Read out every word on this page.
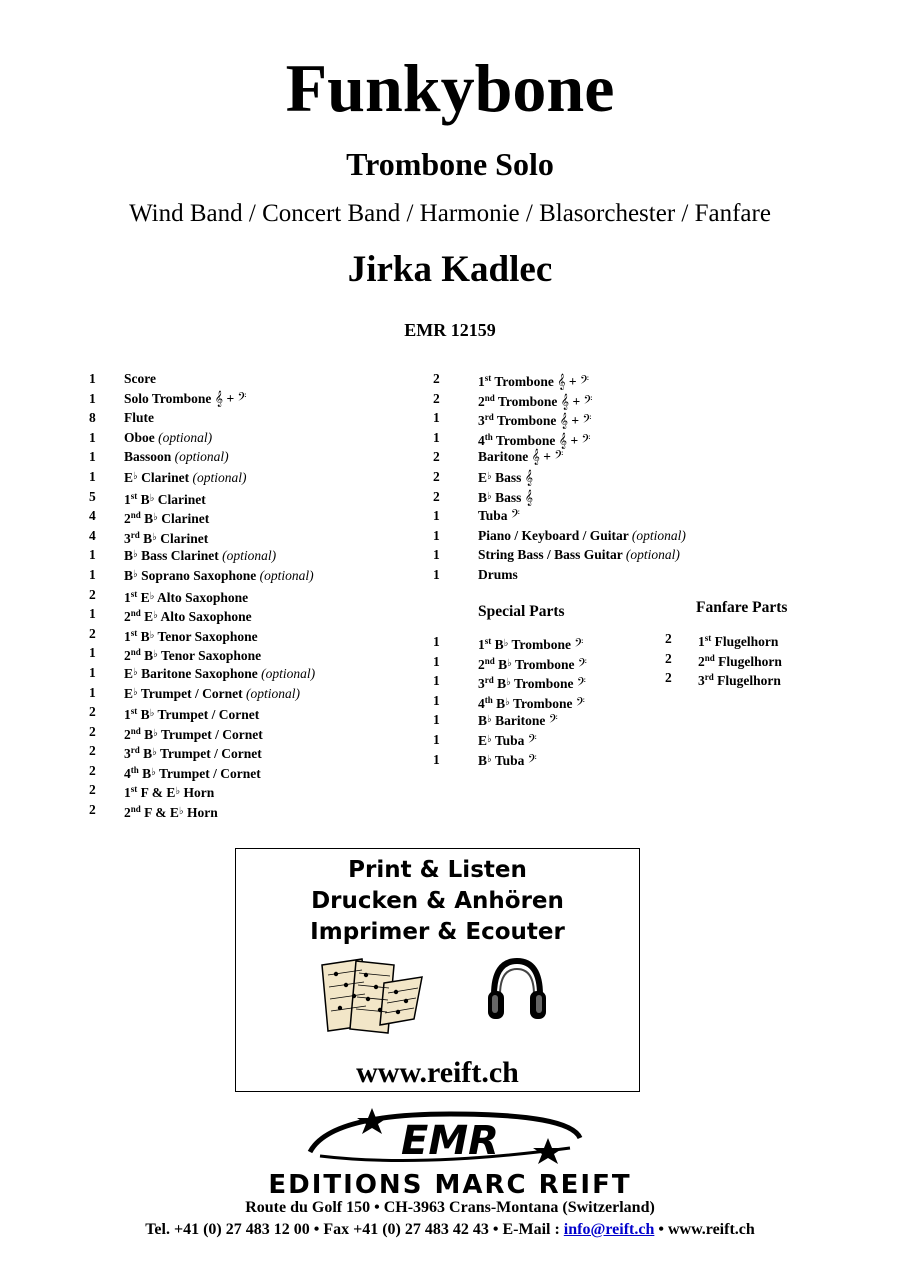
Funkybone
Trombone Solo
Wind Band / Concert Band / Harmonie / Blasorchester / Fanfare
Jirka Kadlec
EMR 12159
1 Score
1 Solo Trombone 𝄞 + 𝄢
8 Flute
1 Oboe (optional)
1 Bassoon (optional)
1 E♭ Clarinet (optional)
5 1st B♭ Clarinet
4 2nd B♭ Clarinet
4 3rd B♭ Clarinet
1 B♭ Bass Clarinet (optional)
1 B♭ Soprano Saxophone (optional)
2 1st E♭ Alto Saxophone
1 2nd E♭ Alto Saxophone
2 1st B♭ Tenor Saxophone
1 2nd B♭ Tenor Saxophone
1 E♭ Baritone Saxophone (optional)
1 E♭ Trumpet / Cornet (optional)
2 1st B♭ Trumpet / Cornet
2 2nd B♭ Trumpet / Cornet
2 3rd B♭ Trumpet / Cornet
2 4th B♭ Trumpet / Cornet
2 1st F & E♭ Horn
2 2nd F & E♭ Horn
2	1st Trombone 𝄞 + 𝄢
2	2nd Trombone 𝄞 + 𝄢
1	3rd Trombone 𝄞 + 𝄢
1	4th Trombone 𝄞 + 𝄢
2	Baritone 𝄞 + 𝄢
2	E♭ Bass 𝄞
2	B♭ Bass 𝄞
1	Tuba 𝄢
1	Piano / Keyboard / Guitar (optional)
1	String Bass / Bass Guitar (optional)
1	Drums
Special Parts
1	1st B♭ Trombone 𝄢
1	2nd B♭ Trombone 𝄢
1	3rd B♭ Trombone 𝄢
1	4th B♭ Trombone 𝄢
1	B♭ Baritone 𝄢
1	E♭ Tuba 𝄢
1	B♭ Tuba 𝄢
Fanfare Parts
2 1st Flugelhorn
2 2nd Flugelhorn
2 3rd Flugelhorn
Print & Listen
Drucken & Anhören
Imprimer & Ecouter
www.reift.ch
EMR
EDITIONS MARC REIFT
Route du Golf 150 • CH-3963 Crans-Montana (Switzerland)
Tel. +41 (0) 27 483 12 00 • Fax +41 (0) 27 483 42 43 • E-Mail : info@reift.ch • www.reift.ch
